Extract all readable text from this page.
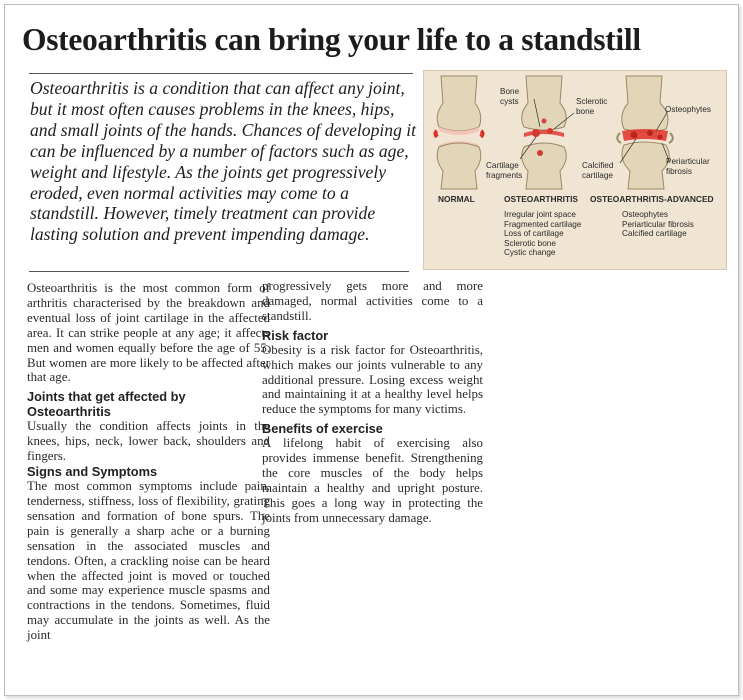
Osteoarthritis can bring your life to a standstill
Osteoarthritis is a condition that can affect any joint, but it most often causes problems in the knees, hips, and small joints of the hands. Chances of developing it can be influenced by a number of factors such as age, weight and lifestyle. As the joints get progressively eroded, even normal activities may come to a standstill. However, timely treatment can provide lasting solution and prevent impending damage.
Bone
cysts	Sclerotic
bone	Osteophytes
Cartilage
fragments
Calcified
cartilage
Periarticular
fibrosis
NORMAL	OSTEOARTHRITIS OSTEOARTHRITIS-ADVANCED
Irregular joint space
Fragmented cartilage
Loss of cartilage
Sclerotic bone
Cystic change
Osteophytes
Periarticular fibrosis
Calcified cartilage

Osteoarthritis is the most common form of arthritis characterised by the breakdown and eventual loss of joint cartilage in the affected area. It can strike people at any age; it affects men and women equally before the age of 55. But women are more likely to be affected after that age.

Joints that get affected by Osteoarthritis

Usually the condition affects joints in the knees, hips, neck, lower back, shoulders and fingers.

Signs and Symptoms

The most common symptoms include pain, tenderness, stiffness, loss of flexibility, grating sensation and formation of bone spurs. The pain is generally a sharp ache or a burning sensation in the associated muscles and tendons. Often, a crackling noise can be heard when the affected joint is moved or touched and some may experience muscle spasms and contractions in the tendons. Sometimes, fluid may accumulate in the joints as well. As the joint

progressively gets more and more damaged, normal activities come to a standstill.

Risk factor

Obesity is a risk factor for Osteoarthritis, which makes our joints vulnerable to any additional pressure. Losing excess weight and maintaining it at a healthy level helps reduce the symptoms for many victims.

Benefits of exercise

A lifelong habit of exercising also provides immense benefit. Strengthening the core muscles of the body helps maintain a healthy and upright posture. This goes a long way in protecting the joints from unnecessary damage.
